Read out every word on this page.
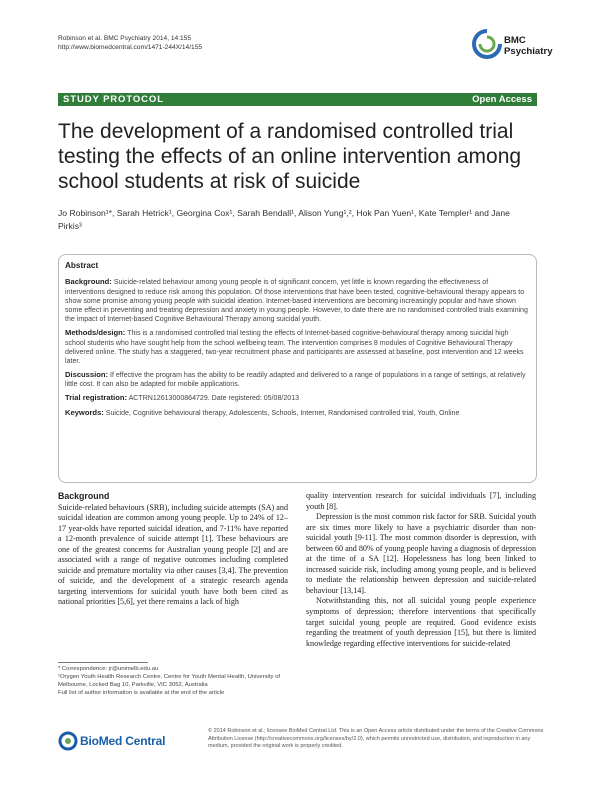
Robinson et al. BMC Psychiatry 2014, 14:155
http://www.biomedcentral.com/1471-244X/14/155
BMC
Psychiatry
STUDY PROTOCOL	Open Access
The development of a randomised controlled trial testing the effects of an online intervention among school students at risk of suicide
Jo Robinson¹*, Sarah Hetrick¹, Georgina Cox¹, Sarah Bendall¹, Alison Yung¹,², Hok Pan Yuen¹, Kate Templer¹ and Jane Pirkis³
Abstract

Background: Suicide-related behaviour among young people is of significant concern, yet little is known regarding the effectiveness of interventions designed to reduce risk among this population. Of those interventions that have been tested, cognitive-behavioural therapy appears to show some promise among young people with suicidal ideation. Internet-based interventions are becoming increasingly popular and have shown some effect in preventing and treating depression and anxiety in young people. However, to date there are no randomised controlled trials examining the impact of Internet-based Cognitive Behavioural Therapy among suicidal youth.

Methods/design: This is a randomised controlled trial testing the effects of Internet-based cognitive-behavioural therapy among suicidal high school students who have sought help from the school wellbeing team. The intervention comprises 8 modules of Cognitive Behavioural Therapy delivered online. The study has a staggered, two-year recruitment phase and participants are assessed at baseline, post intervention and 12 weeks later.

Discussion: If effective the program has the ability to be readily adapted and delivered to a range of populations in a range of settings, at relatively little cost. It can also be adapted for mobile applications.

Trial registration: ACTRN12613000864729. Date registered: 05/08/2013

Keywords: Suicide, Cognitive behavioural therapy, Adolescents, Schools, Internet, Randomised controlled trial, Youth, Online

Background

Suicide-related behaviours (SRB), including suicide attempts (SA) and suicidal ideation are common among young people. Up to 24% of 12–17 year-olds have reported suicidal ideation, and 7-11% have reported a 12-month prevalence of suicide attempt [1]. These behaviours are one of the greatest concerns for Australian young people [2] and are associated with a range of negative outcomes including completed suicide and premature mortality via other causes [3,4]. The prevention of suicide, and the development of a strategic research agenda targeting interventions for suicidal youth have both been cited as national priorities [5,6], yet there remains a lack of high

quality intervention research for suicidal individuals [7], including youth [8].

Depression is the most common risk factor for SRB. Suicidal youth are six times more likely to have a psychiatric disorder than non-suicidal youth [9-11]. The most common disorder is depression, with between 60 and 80% of young people having a diagnosis of depression at the time of a SA [12]. Hopelessness has long been linked to increased suicide risk, including among young people, and is believed to mediate the relationship between depression and suicide-related behaviour [13,14].

Notwithstanding this, not all suicidal young people experience symptoms of depression; therefore interventions that specifically target suicidal young people are required. Good evidence exists regarding the treatment of youth depression [15], but there is limited knowledge regarding effective interventions for suicide-related

* Correspondence: jr@unimelb.edu.au
¹Orygen Youth Health Research Centre, Centre for Youth Mental Health, University of Melbourne, Locked Bag 10, Parkville, VIC 3052, Australia
Full list of author information is available at the end of the article
BioMed Central
© 2014 Robinson et al.; licensee BioMed Central Ltd. This is an Open Access article distributed under the terms of the Creative Commons Attribution License (http://creativecommons.org/licenses/by/2.0), which permits unrestricted use, distribution, and reproduction in any medium, provided the original work is properly credited.
